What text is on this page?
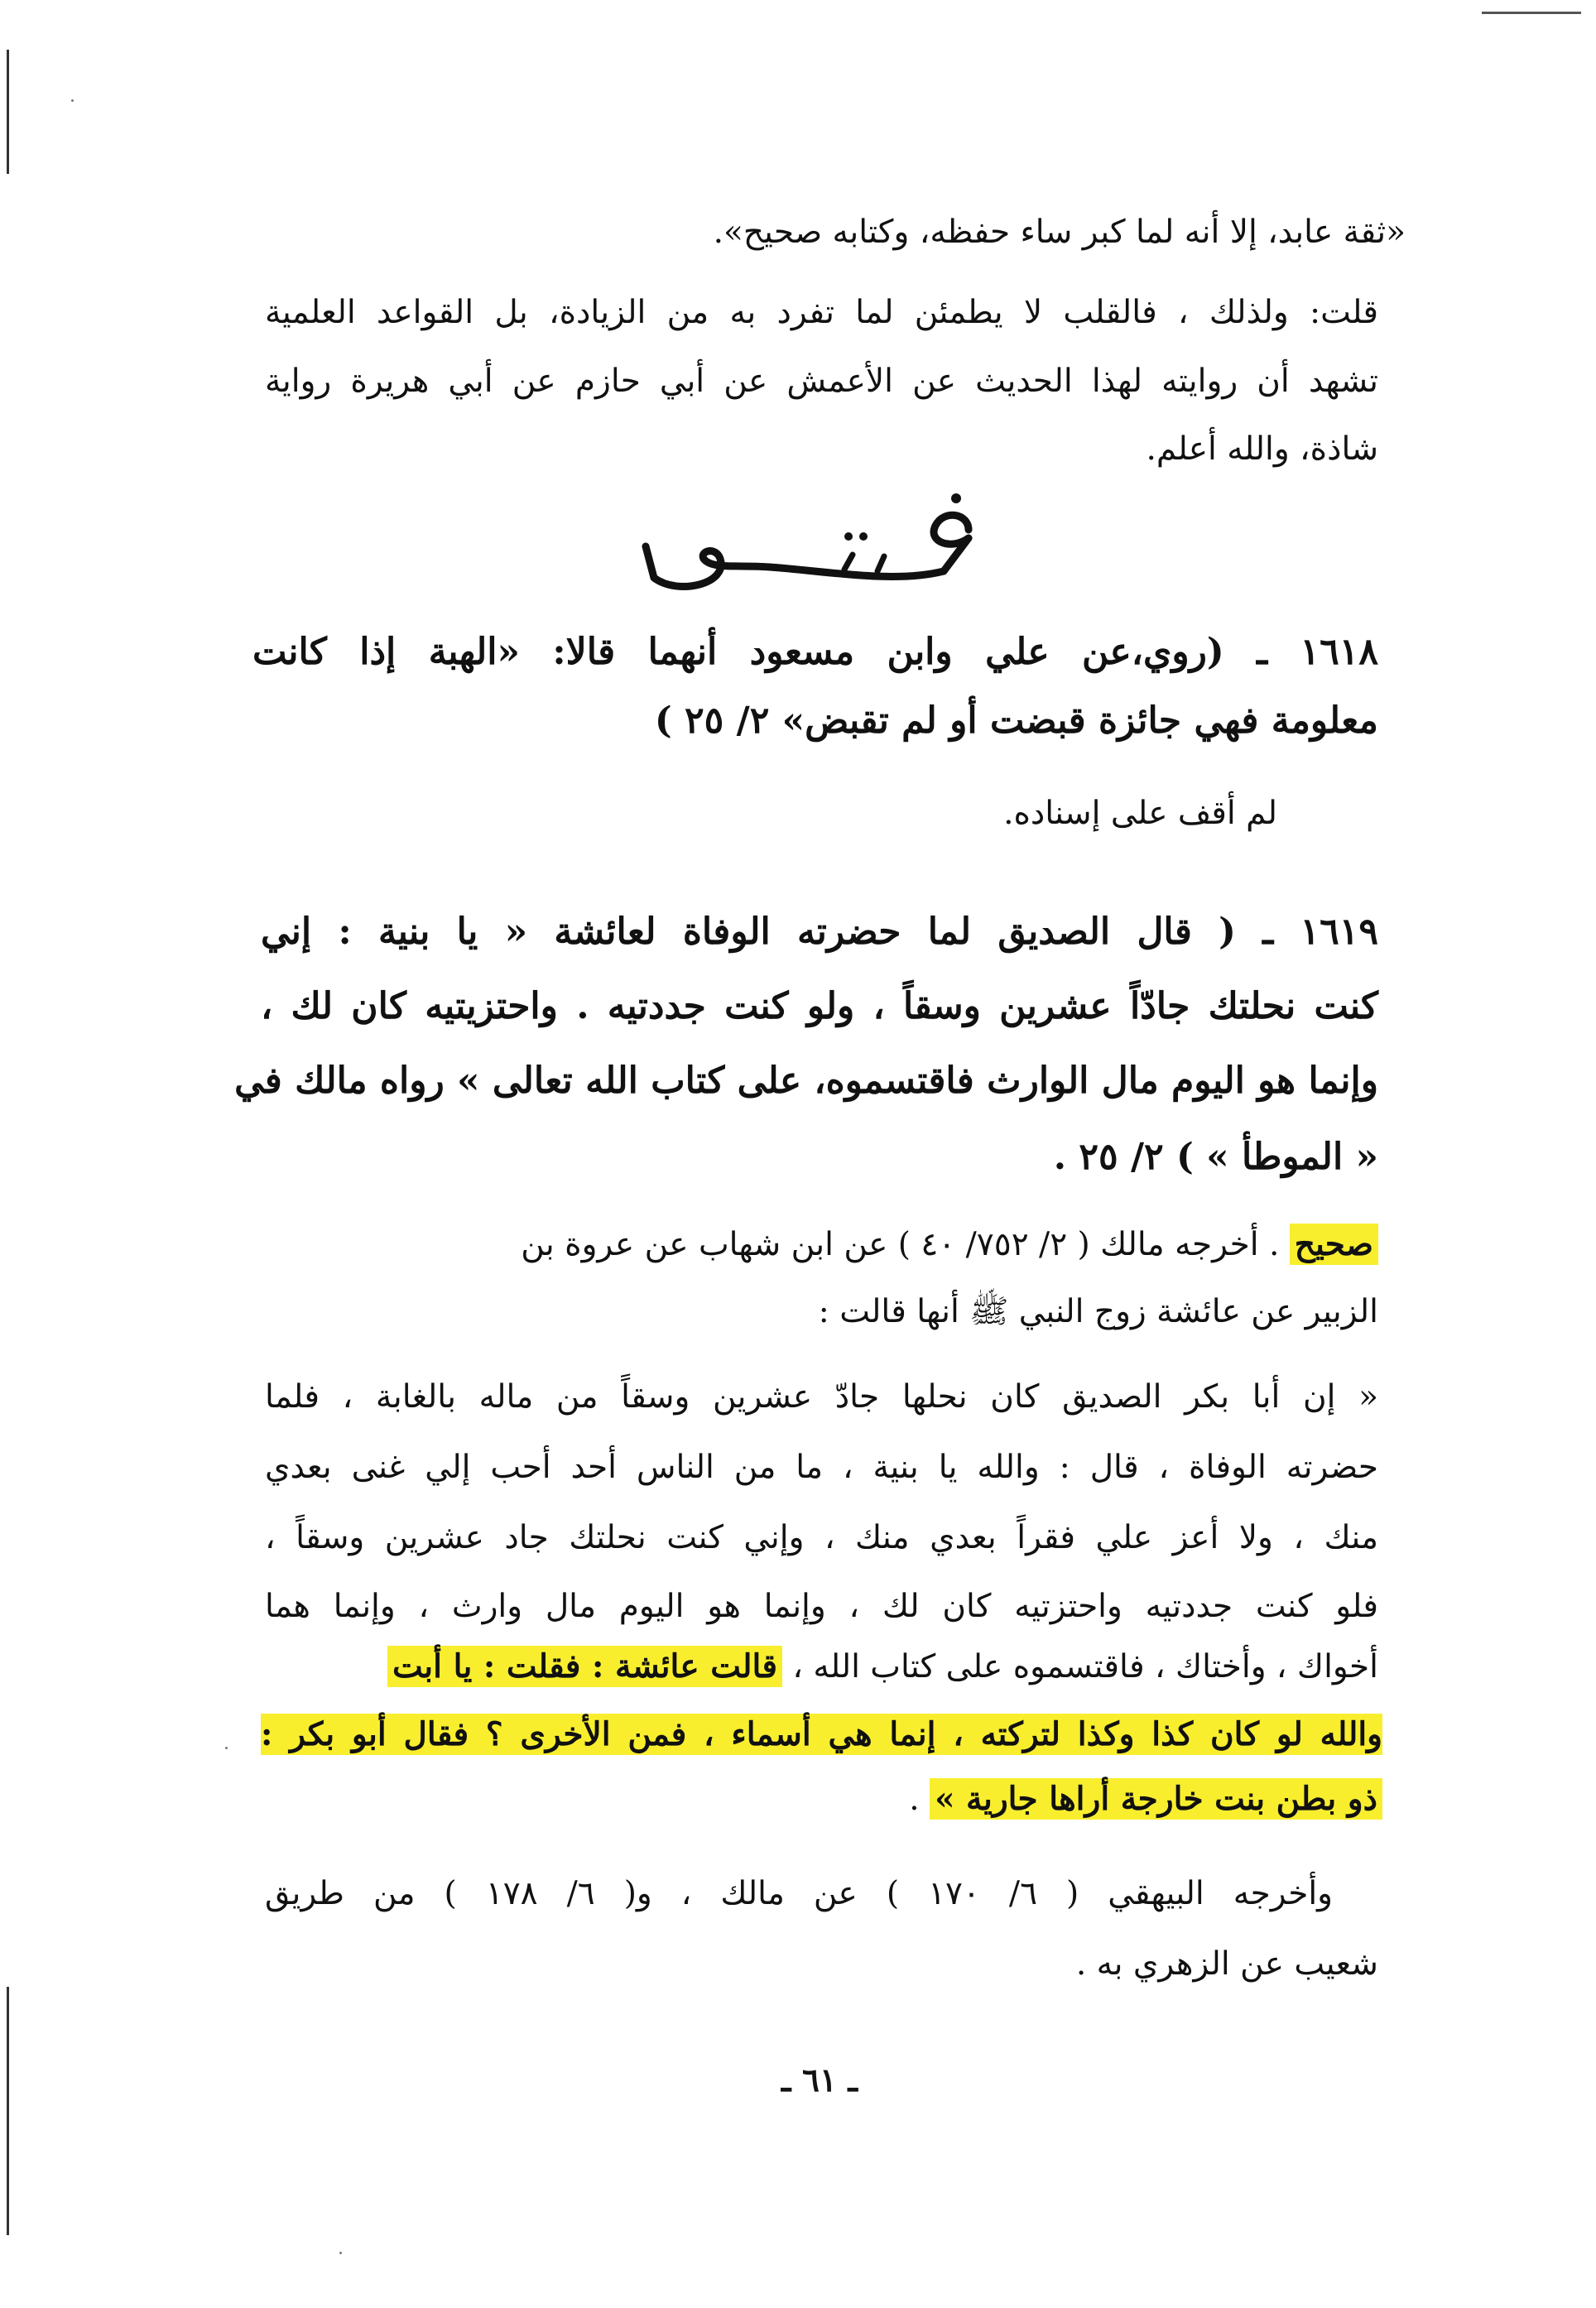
«ثقة عابد، إلا أنه لما كبر ساء حفظه، وكتابه صحيح».
قلت: ولذلك ، فالقلب لا يطمئن لما تفرد به من الزيادة، بل القواعد العلمية
تشهد أن روايته لهذا الحديث عن الأعمش عن أبي حازم عن أبي هريرة رواية
شاذة، والله أعلم.
١٦١٨ ـ (روي،عن علي وابن مسعود أنهما قالا: «الهبة إذا كانت
معلومة فهي جائزة قبضت أو لم تقبض» ٢/ ٢٥ )
لم أقف على إسناده.
١٦١٩ ـ ( قال الصديق لما حضرته الوفاة لعائشة « يا بنية : إني
كنت نحلتك جادّاً عشرين وسقاً ، ولو كنت جددتيه . واحتزيتيه كان لك ،
وإنما هو اليوم مال الوارث فاقتسموه، على كتاب الله تعالى » رواه مالك في
« الموطأ » ) ٢/ ٢٥ .
صحيح . أخرجه مالك ( ٢/ ٧٥٢/ ٤٠ ) عن ابن شهاب عن عروة بن
الزبير عن عائشة زوج النبي ﷺ أنها قالت :
« إن أبا بكر الصديق كان نحلها جادّ عشرين وسقاً من ماله بالغابة ، فلما
حضرته الوفاة ، قال : والله يا بنية ، ما من الناس أحد أحب إلي غنى بعدي
منك ، ولا أعز علي فقراً بعدي منك ، وإني كنت نحلتك جاد عشرين وسقاً ،
فلو كنت جددتيه واحتزتيه كان لك ، وإنما هو اليوم مال وارث ، وإنما هما
أخواك ، وأختاك ، فاقتسموه على كتاب الله ، قالت عائشة : فقلت : يا أبت
والله لو كان كذا وكذا لتركته ، إنما هي أسماء ، فمن الأخرى ؟ فقال أبو بكر :
ذو بطن بنت خارجة أراها جارية » .
وأخرجه البيهقي ( ٦/ ١٧٠ ) عن مالك ، و( ٦/ ١٧٨ ) من طريق
شعيب عن الزهري به .
ـ ٦١ ـ
